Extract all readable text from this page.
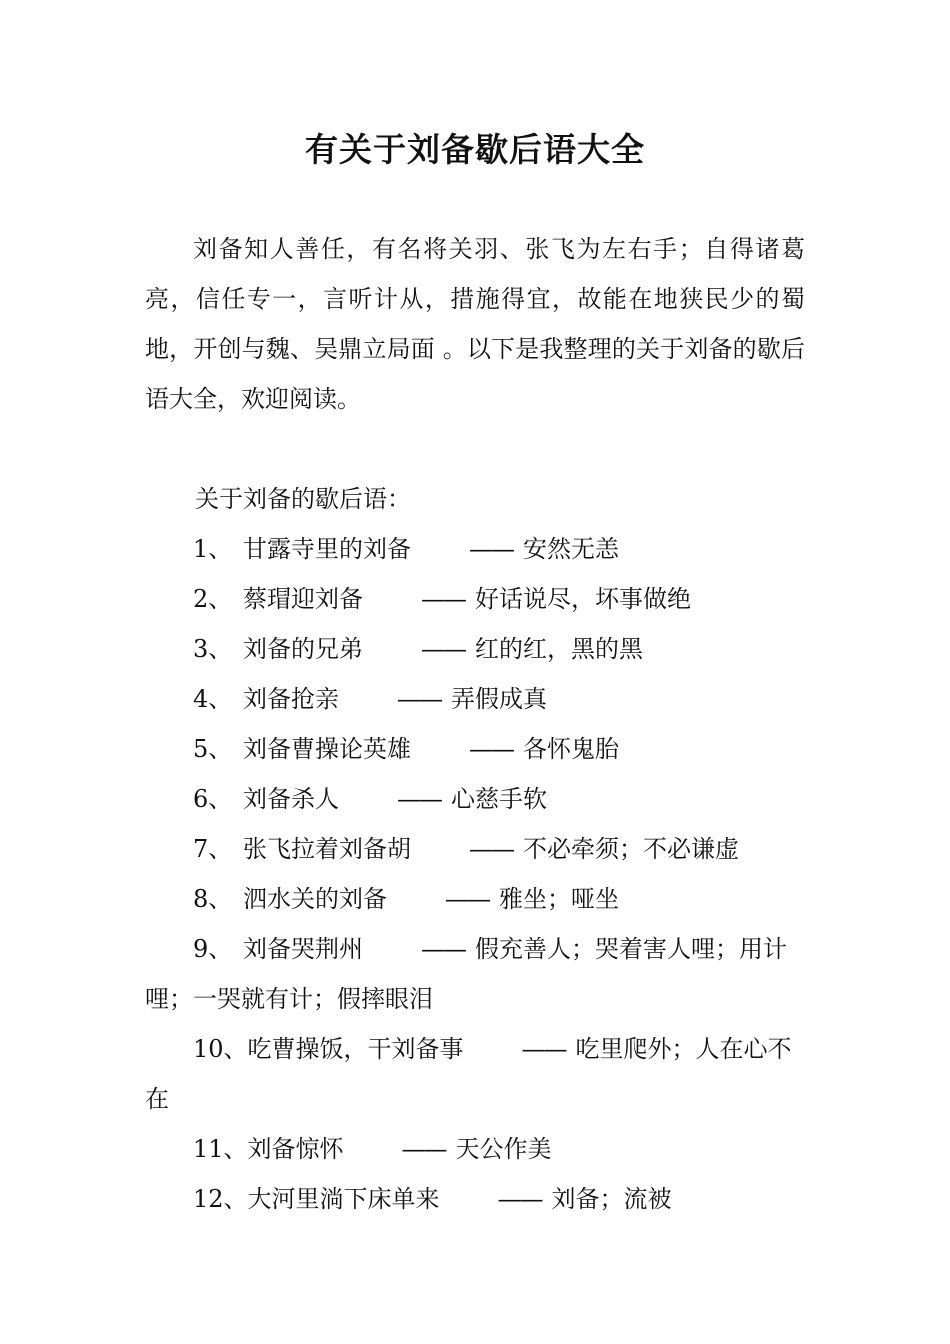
有关于刘备歇后语大全

刘备知人善任，有名将关羽、张飞为左右手；自得诸葛亮，信任专一，言听计从，措施得宜，故能在地狭民少的蜀地，开创与魏、吴鼎立局面 。以下是我整理的关于刘备的歇后语大全，欢迎阅读。

关于刘备的歇后语：

1、 甘露寺里的刘备 —— 安然无恙

2、 蔡瑁迎刘备 —— 好话说尽，坏事做绝

3、 刘备的兄弟 —— 红的红，黑的黑

4、 刘备抢亲 —— 弄假成真

5、 刘备曹操论英雄 —— 各怀鬼胎

6、 刘备杀人 —— 心慈手软

7、 张飞拉着刘备胡 —— 不必牵须；不必谦虚

8、 泗水关的刘备 —— 雅坐；哑坐

9、 刘备哭荆州 —— 假充善人；哭着害人哩；用计哩；一哭就有计；假摔眼泪

10、吃曹操饭，干刘备事 —— 吃里爬外；人在心不在

11、刘备惊怀 —— 天公作美

12、大河里淌下床单来 —— 刘备；流被
